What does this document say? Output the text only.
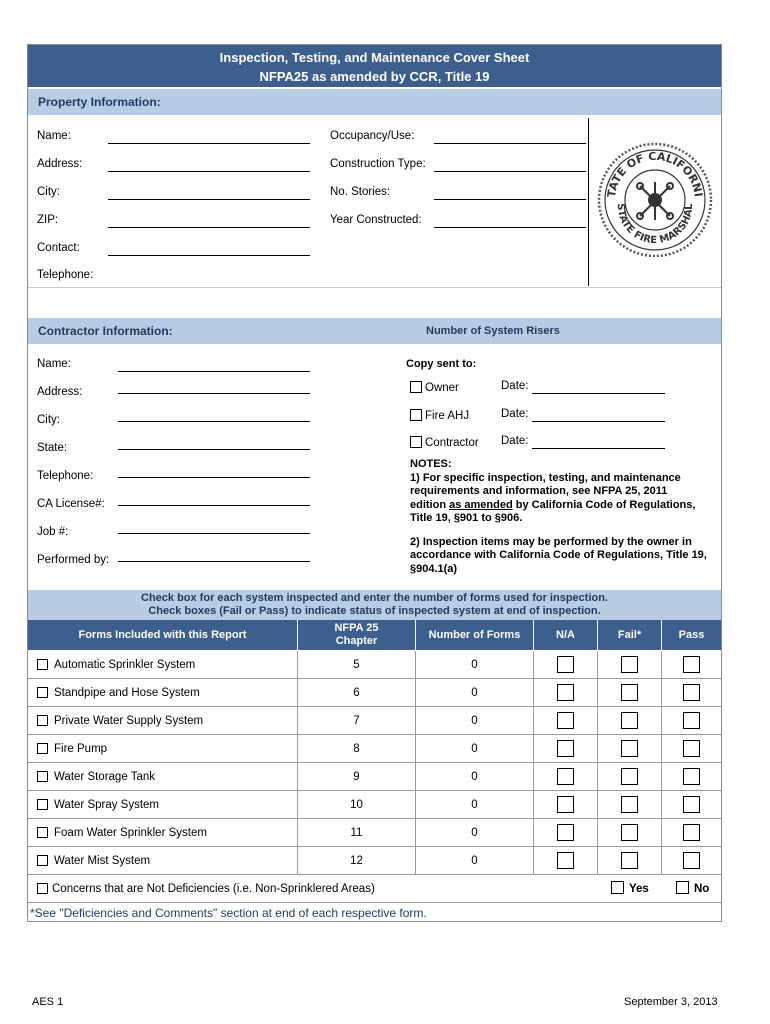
Inspection, Testing, and Maintenance Cover Sheet
NFPA25 as amended by CCR, Title 19
Property Information:
Name:
Address:
City:
ZIP:
Contact:
Telephone:
Occupancy/Use:
Construction Type:
No. Stories:
Year Constructed:
TATE OF CALIFORNI
STATE FIRE MARSHAL
Contractor Information:	Number of System Risers
Name:
Address:
City:
State:
Telephone:
CA License#:
Job #:
Performed by:
Copy sent to:
Owner	Date:
Fire AHJ	Date:
Contractor Date:
NOTES:
1) For specific inspection, testing, and maintenance
requirements and information, see NFPA 25, 2011
edition as amended by California Code of Regulations,
Title 19, §901 to §906.
2) Inspection items may be performed by the owner in
accordance with California Code of Regulations, Title 19,
§904.1(a)
Check box for each system inspected and enter the number of forms used for inspection.
Check boxes (Fail or Pass) to indicate status of inspected system at end of inspection.
Forms Included with this Report
NFPA 25
Chapter
Number of Forms	N/A	Fail*	Pass
Automatic Sprinkler System	5	0
Standpipe and Hose System	6	0
Private Water Supply System	7	0
Fire Pump	8	0
Water Storage Tank	9	0
Water Spray System	10	0
Foam Water Sprinkler System	11	0
Water Mist System	12	0
Concerns that are Not Deficiencies (i.e. Non-Sprinklered Areas)	Yes	No
*See "Deficiencies and Comments" section at end of each respective form.
AES 1	September 3, 2013
